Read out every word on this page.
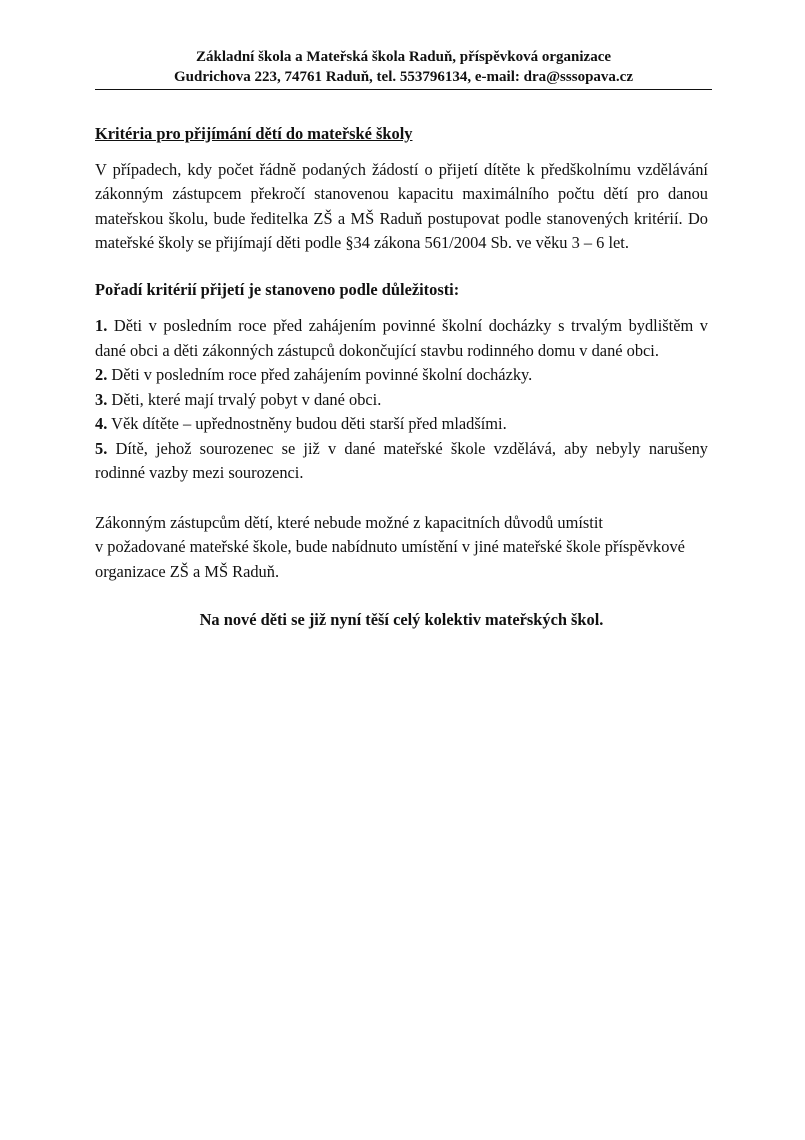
Základní škola a Mateřská škola Raduň, příspěvková organizace
Gudrichova 223, 74761 Raduň, tel. 553796134, e-mail: dra@sssopava.cz
Kritéria pro přijímání dětí do mateřské školy

V případech, kdy počet řádně podaných žádostí o přijetí dítěte k předškolnímu vzdělávání zákonným zástupcem překročí stanovenou kapacitu maximálního počtu dětí pro danou mateřskou školu, bude ředitelka ZŠ a MŠ Raduň postupovat podle stanovených kritérií. Do mateřské školy se přijímají děti podle §34 zákona 561/2004 Sb. ve věku 3 – 6 let.

Pořadí kritérií přijetí je stanoveno podle důležitosti:
1. Děti v posledním roce před zahájením povinné školní docházky s trvalým bydlištěm v dané obci a děti zákonných zástupců dokončující stavbu rodinného domu v dané obci.
2. Děti v posledním roce před zahájením povinné školní docházky.
3. Děti, které mají trvalý pobyt v dané obci.
4. Věk dítěte – upřednostněny budou děti starší před mladšími.
5. Dítě, jehož sourozenec se již v dané mateřské škole vzdělává, aby nebyly narušeny rodinné vazby mezi sourozenci.

Zákonným zástupcům dětí, které nebude možné z kapacitních důvodů umístit
v požadované mateřské škole, bude nabídnuto umístění v jiné mateřské škole příspěvkové organizace ZŠ a MŠ Raduň.

Na nové děti se již nyní těší celý kolektiv mateřských škol.
